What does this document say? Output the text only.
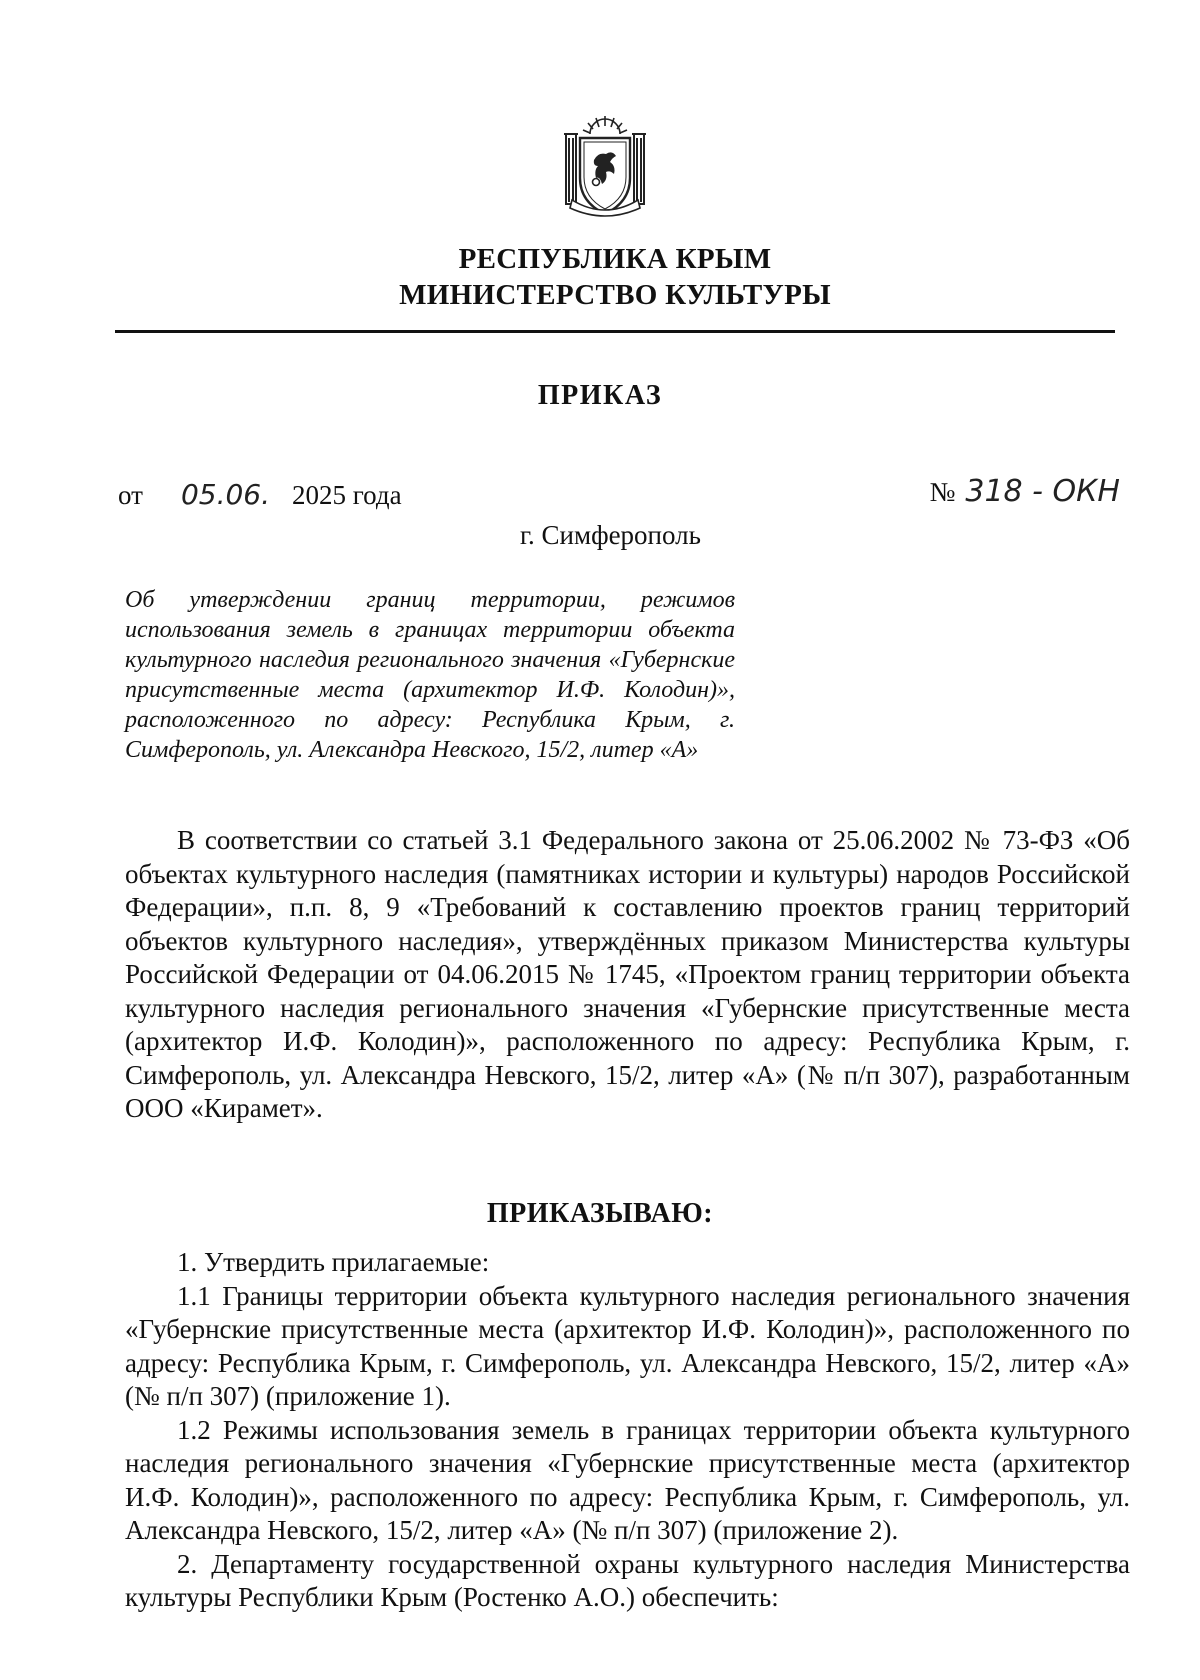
РЕСПУБЛИКА КРЫМ
МИНИСТЕРСТВО КУЛЬТУРЫ
ПРИКАЗ
от 05.06. 2025 года	№ 318 - ОКН
г. Симферополь
Об утверждении границ территории, режимов использования земель в границах территории объекта культурного наследия регионального значения «Губернские присутственные места (архитектор И.Ф. Колодин)», расположенного по адресу: Республика Крым, г. Симферополь, ул. Александра Невского, 15/2, литер «А»
В соответствии со статьей 3.1 Федерального закона от 25.06.2002 № 73-ФЗ «Об объектах культурного наследия (памятниках истории и культуры) народов Российской Федерации», п.п. 8, 9 «Требований к составлению проектов границ территорий объектов культурного наследия», утверждённых приказом Министерства культуры Российской Федерации от 04.06.2015 № 1745, «Проектом границ территории объекта культурного наследия регионального значения «Губернские присутственные места (архитектор И.Ф. Колодин)», расположенного по адресу: Республика Крым, г. Симферополь, ул. Александра Невского, 15/2, литер «А» (№ п/п 307), разработанным ООО «Кирамет».
ПРИКАЗЫВАЮ:

1. Утвердить прилагаемые:

1.1 Границы территории объекта культурного наследия регионального значения «Губернские присутственные места (архитектор И.Ф. Колодин)», расположенного по адресу: Республика Крым, г. Симферополь, ул. Александра Невского, 15/2, литер «А» (№ п/п 307) (приложение 1).

1.2 Режимы использования земель в границах территории объекта культурного наследия регионального значения «Губернские присутственные места (архитектор И.Ф. Колодин)», расположенного по адресу: Республика Крым, г. Симферополь, ул. Александра Невского, 15/2, литер «А» (№ п/п 307) (приложение 2).

2. Департаменту государственной охраны культурного наследия Министерства культуры Республики Крым (Ростенко А.О.) обеспечить:
